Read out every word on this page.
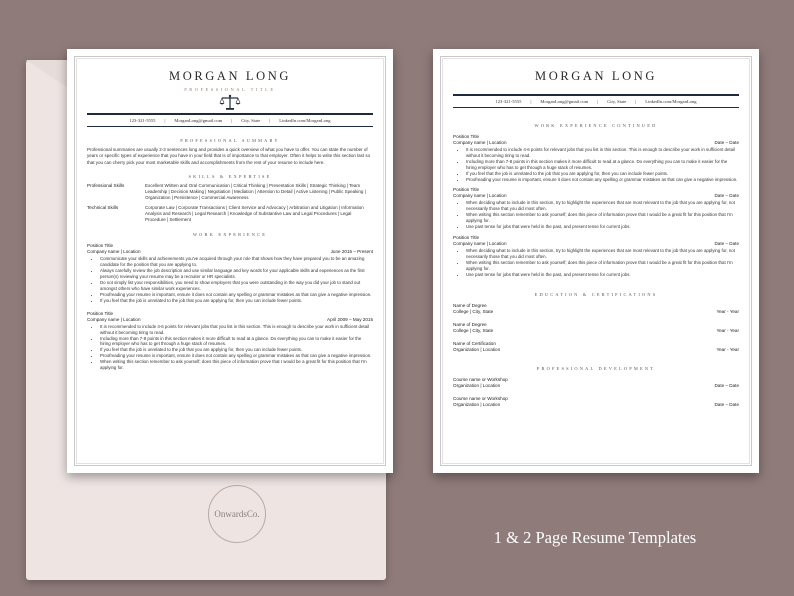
OnwardsCo.
MORGAN LONG
PROFESSIONAL TITLE
123-321-5555 | MorganLong@gmail.com | City, State | LinkedIn.com/MorganLong
PROFESSIONAL SUMMARY
Professional summaries are usually 2-3 sentences long and provides a quick overview of what you have to offer. You can state the number of years or specific types of experience that you have in your field that is of importance to that employer. Often it helps to write this section last so that you can cherry pick your most marketable skills and accomplishments from the rest of your resume to include here.
SKILLS & EXPERTISE
Professional Skills	Excellent Written and Oral Communication | Critical Thinking | Presentation Skills | Strategic Thinking | Team Leadership | Decision Making | Negotiation | Mediation | Attention to Detail | Active Listening | Public Speaking | Organization | Persistence | Commercial Awareness
Technical Skills	Corporate Law | Corporate Transactions | Client Service and Advocacy | Arbitration and Litigation | Information Analysis and Research | Legal Research | Knowledge of Substantive Law and Legal Procedures | Legal Procedure | Settlement
WORK EXPERIENCE
Position Title
Company name | Location	June 2015 – Present
• Communicate your skills and achievements you've acquired through your role that shows how they have prepared you to be an amazing candidate for the position that you are applying to.
• Always carefully review the job description and use similar language and key words for your applicable skills and experiences as the first person(s) reviewing your resume may be a recruiter or HR specialists.
• Do not simply list your responsibilities, you need to show employers that you were outstanding in the way you did your job to stand out amongst others who have similar work experiences.
• Proofreading your resume is important, ensure it does not contain any spelling or grammar mistakes as that can give a negative impression.
• If you feel that the job is unrelated to the job that you are applying for, then you can include fewer points.
Position Title
Company name | Location	April 2009 – May 2015
• It is recommended to include 4-6 points for relevant jobs that you list in this section. This is enough to describe your work in sufficient detail without it becoming tiring to read.
• Including more than 7-8 points in this section makes it more difficult to read at a glance. Do everything you can to make it easier for the hiring employer who has to get through a huge stack of resumes.
• If you feel that the job is unrelated to the job that you are applying for, then you can include fewer points.
• Proofreading your resume is important, ensure it does not contain any spelling or grammar mistakes as that can give a negative impression.
• When writing this section remember to ask yourself; does this piece of information prove that I would be a great fit for this position that I'm applying for.
MORGAN LONG
123-321-5555 | MorganLong@gmail.com | City, State | LinkedIn.com/MorganLong
WORK EXPERIENCE CONTINUED
Position Title
Company name | Location	Date – Date
• It is recommended to include 4-6 points for relevant jobs that you list in this section. This is enough to describe your work in sufficient detail without it becoming tiring to read.
• Including more than 7-8 points in this section makes it more difficult to read at a glance. Do everything you can to make it easier for the hiring employer who has to get through a huge stack of resumes.
• If you feel that the job is unrelated to the job that you are applying for, then you can include fewer points.
• Proofreading your resume is important, ensure it does not contain any spelling or grammar mistakes as that can give a negative impression.
Position Title
Company name | Location	Date – Date
• When deciding what to include in this section, try to highlight the experiences that are most relevant to the job that you are applying for, not necessarily those that you did most often.
• When writing this section remember to ask yourself; does this piece of information prove that I would be a great fit for this position that I'm applying for.
• Use past tense for jobs that were held in the past, and present tense for current jobs.
Position Title
Company name | Location	Date – Date
• When deciding what to include in this section, try to highlight the experiences that are most relevant to the job that you are applying for, not necessarily those that you did most often.
• When writing this section remember to ask yourself; does this piece of information prove that I would be a great fit for this position that I'm applying for.
• Use past tense for jobs that were held in the past, and present tense for current jobs.
EDUCATION & CERTIFICATIONS
Name of Degree
College | City, State	Year - Year
Name of Degree
College | City, State	Year - Year
Name of Certification
Organization | Location	Year - Year
PROFESSIONAL DEVELOPMENT
Course name or Workshop
Organization | Location	Date – Date
Course name or Workshop
Organization | Location	Date – Date
1 & 2 Page Resume Templates
